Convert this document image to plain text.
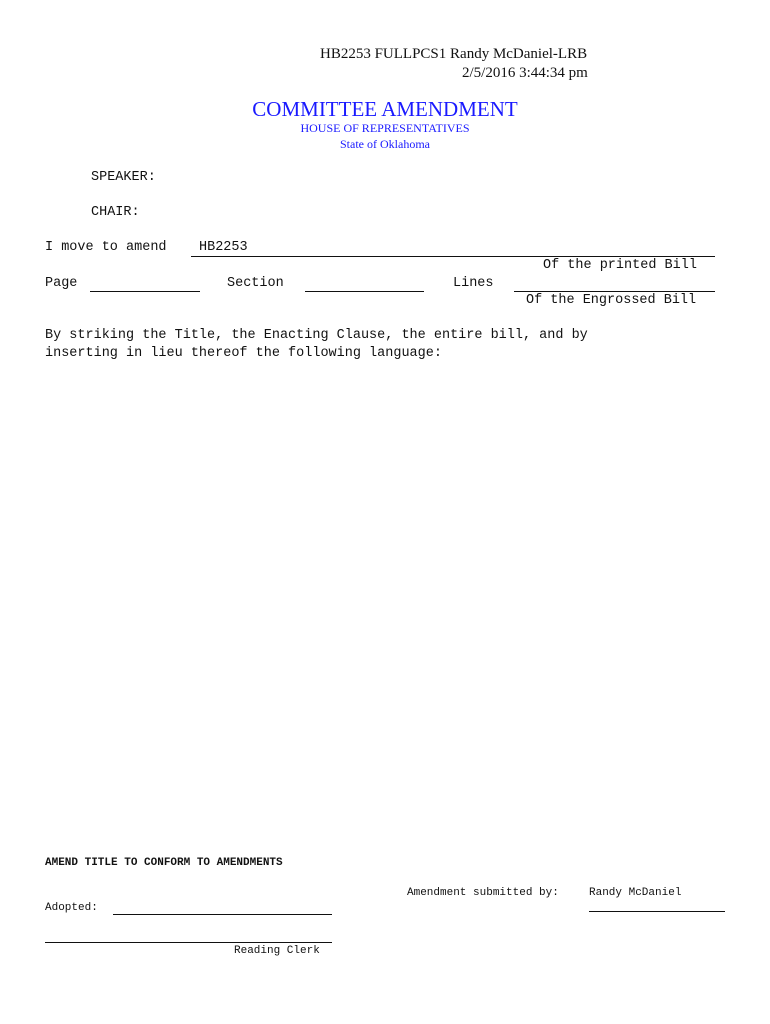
HB2253 FULLPCS1 Randy McDaniel-LRB
2/5/2016 3:44:34 pm
COMMITTEE AMENDMENT
HOUSE OF REPRESENTATIVES
State of Oklahoma
SPEAKER:
CHAIR:
I move to amend HB2253
Of the printed Bill
Page	Section	Lines
Of the Engrossed Bill
By striking the Title, the Enacting Clause, the entire bill, and by
inserting in lieu thereof the following language:
AMEND TITLE TO CONFORM TO AMENDMENTS
Amendment submitted by:	Randy McDaniel
Adopted:
Reading Clerk
